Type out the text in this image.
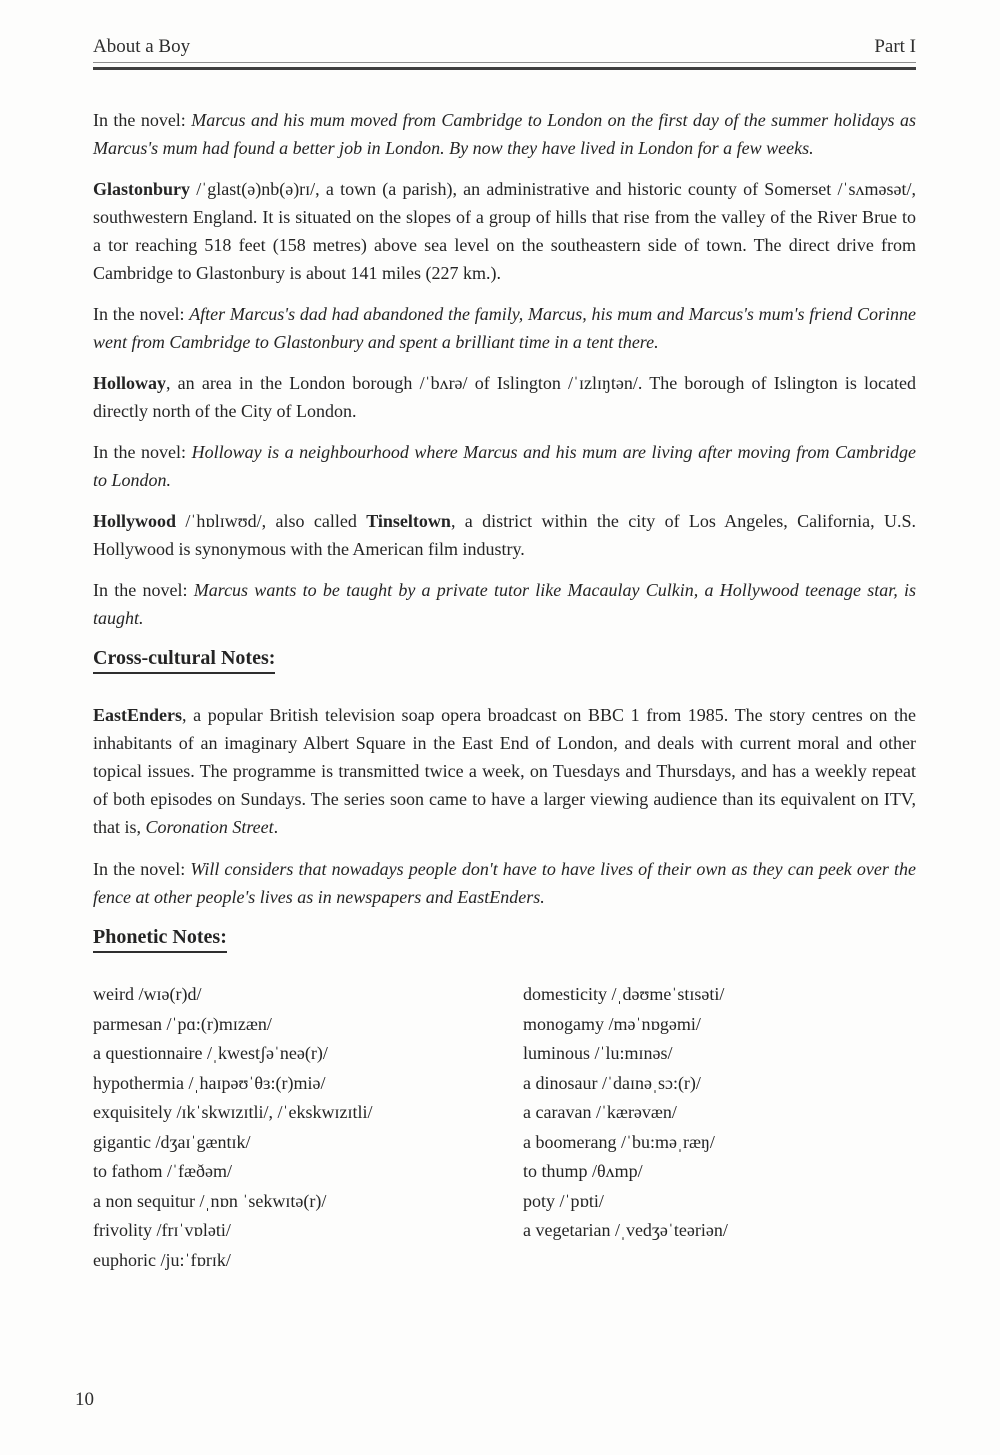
About a Boy	Part I

In the novel: Marcus and his mum moved from Cambridge to London on the first day of the summer holidays as Marcus's mum had found a better job in London. By now they have lived in London for a few weeks.

Glastonbury /ˈglast(ə)nb(ə)rɪ/, a town (a parish), an administrative and historic county of Somerset /ˈsʌməsət/, southwestern England. It is situated on the slopes of a group of hills that rise from the valley of the River Brue to a tor reaching 518 feet (158 metres) above sea level on the southeastern side of town. The direct drive from Cambridge to Glastonbury is about 141 miles (227 km.).

In the novel: After Marcus's dad had abandoned the family, Marcus, his mum and Marcus's mum's friend Corinne went from Cambridge to Glastonbury and spent a brilliant time in a tent there.

Holloway, an area in the London borough /ˈbʌrə/ of Islington /ˈɪzlɪŋtən/. The borough of Islington is located directly north of the City of London.

In the novel: Holloway is a neighbourhood where Marcus and his mum are living after moving from Cambridge to London.

Hollywood /ˈhɒlɪwʊd/, also called Tinseltown, a district within the city of Los Angeles, California, U.S. Hollywood is synonymous with the American film industry.

In the novel: Marcus wants to be taught by a private tutor like Macaulay Culkin, a Hollywood teenage star, is taught.

Cross-cultural Notes:

EastEnders, a popular British television soap opera broadcast on BBC 1 from 1985. The story centres on the inhabitants of an imaginary Albert Square in the East End of London, and deals with current moral and other topical issues. The programme is transmitted twice a week, on Tuesdays and Thursdays, and has a weekly repeat of both episodes on Sundays. The series soon came to have a larger viewing audience than its equivalent on ITV, that is, Coronation Street.

In the novel: Will considers that nowadays people don't have to have lives of their own as they can peek over the fence at other people's lives as in newspapers and EastEnders.

Phonetic Notes:
weird /wɪə(r)d/
parmesan /ˈpɑ:(r)mɪzæn/
a questionnaire /ˌkwestʃəˈneə(r)/
hypothermia /ˌhaɪpəʊˈθɜ:(r)miə/
exquisitely /ɪkˈskwɪzɪtli/, /ˈekskwɪzɪtli/
gigantic /dʒaɪˈgæntɪk/
to fathom /ˈfæðəm/
a non sequitur /ˌnɒn ˈsekwɪtə(r)/
frivolity /frɪˈvɒləti/
euphoric /ju:ˈfɒrɪk/
domesticity /ˌdəʊmeˈstɪsəti/
monogamy /məˈnɒgəmi/
luminous /ˈlu:mɪnəs/
a dinosaur /ˈdaɪnəˌsɔ:(r)/
a caravan /ˈkærəvæn/
a boomerang /ˈbu:məˌræŋ/
to thump /θʌmp/
poty /ˈpɒti/
a vegetarian /ˌvedʒəˈteəriən/
10
